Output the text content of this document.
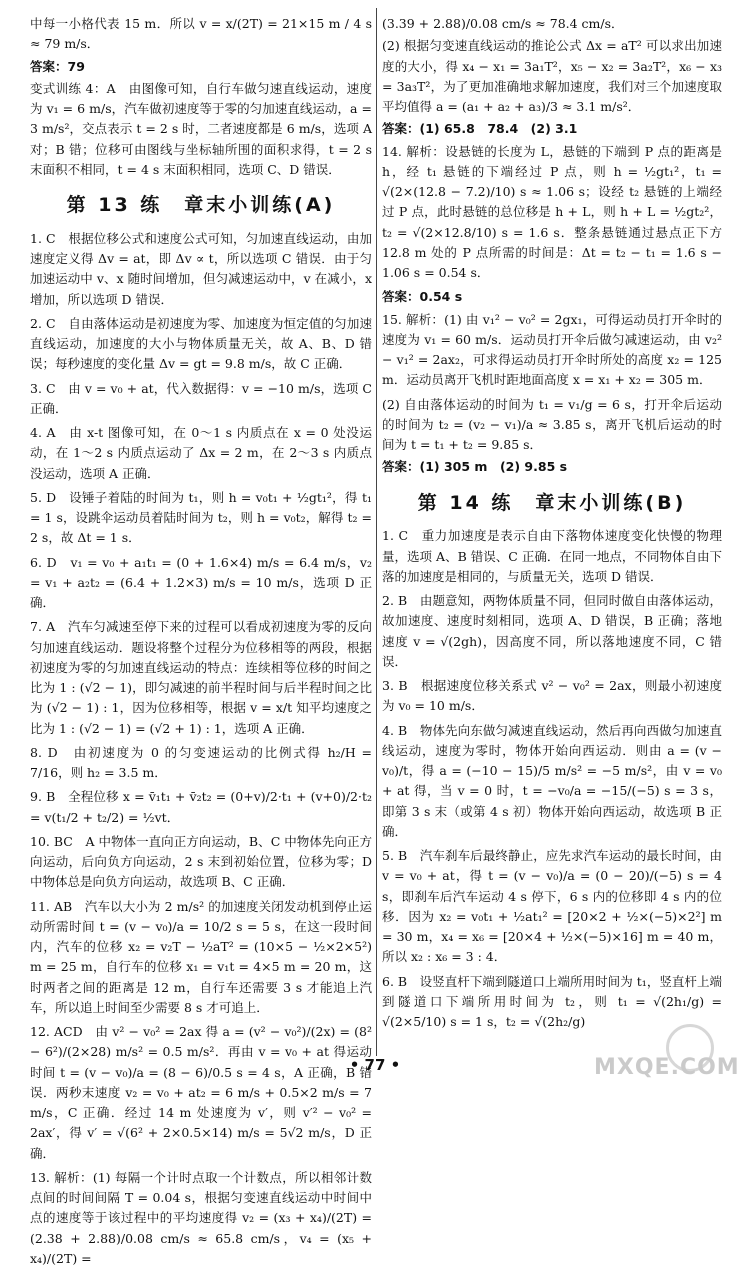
中每一小格代表 15 m．所以 v = x/(2T) = 21×15 m / 4 s ≈ 79 m/s．

答案：79

变式训练 4：A　由图像可知，自行车做匀速直线运动，速度为 v₁ = 6 m/s，汽车做初速度等于零的匀加速直线运动，a = 3 m/s²，交点表示 t = 2 s 时，二者速度都是 6 m/s，选项 A 对；B 错；位移可由图线与坐标轴所围的面积求得，t = 2 s 末面积不相同，t = 4 s 末面积相同，选项 C、D 错误．

第 13 练　章末小训练(A)

1. C　根据位移公式和速度公式可知，匀加速直线运动，由加速度定义得 Δv = at，即 Δv ∝ t，所以选项 C 错误．由于匀加速运动中 v、x 随时间增加，但匀减速运动中，v 在减小，x 增加，所以选项 D 错误．

2. C　自由落体运动是初速度为零、加速度为恒定值的匀加速直线运动，加速度的大小与物体质量无关，故 A、B、D 错误；每秒速度的变化量 Δv = gt = 9.8 m/s，故 C 正确．

3. C　由 v = v₀ + at，代入数据得：v = −10 m/s，选项 C 正确．

4. A　由 x-t 图像可知，在 0～1 s 内质点在 x = 0 处没运动，在 1～2 s 内质点运动了 Δx = 2 m，在 2～3 s 内质点没运动，选项 A 正确．

5. D　设锤子着陆的时间为 t₁，则 h = v₀t₁ + ½gt₁²，得 t₁ = 1 s，设跳伞运动员着陆时间为 t₂，则 h = v₀t₂，解得 t₂ = 2 s，故 Δt = 1 s．

6. D　v₁ = v₀ + a₁t₁ = (0 + 1.6×4) m/s = 6.4 m/s，v₂ = v₁ + a₂t₂ = (6.4 + 1.2×3) m/s = 10 m/s，选项 D 正确．

7. A　汽车匀减速至停下来的过程可以看成初速度为零的反向匀加速直线运动．题设将整个过程分为位移相等的两段，根据初速度为零的匀加速直线运动的特点：连续相等位移的时间之比为 1 : (√2 − 1)，即匀减速的前半程时间与后半程时间之比为 (√2 − 1) : 1，因为位移相等，根据 v = x/t 知平均速度之比为 1 : (√2 − 1) = (√2 + 1) : 1，选项 A 正确．

8. D　由初速度为 0 的匀变速运动的比例式得 h₂/H = 7/16，则 h₂ = 3.5 m．

9. B　全程位移 x = v̄₁t₁ + v̄₂t₂ = (0+v)/2·t₁ + (v+0)/2·t₂ = v(t₁/2 + t₂/2) = ½vt．

10. BC　A 中物体一直向正方向运动，B、C 中物体先向正方向运动，后向负方向运动，2 s 末到初始位置，位移为零；D 中物体总是向负方向运动，故选项 B、C 正确．

11. AB　汽车以大小为 2 m/s² 的加速度关闭发动机到停止运动所需时间 t = (v − v₀)/a = 10/2 s = 5 s，在这一段时间内，汽车的位移 x₂ = v₂T − ½aT² = (10×5 − ½×2×5²) m = 25 m，自行车的位移 x₁ = v₁t = 4×5 m = 20 m，这时两者之间的距离是 12 m，自行车还需要 3 s 才能追上汽车，所以追上时间至少需要 8 s 才可追上．

12. ACD　由 v² − v₀² = 2ax 得 a = (v² − v₀²)/(2x) = (8² − 6²)/(2×28) m/s² = 0.5 m/s²．再由 v = v₀ + at 得运动时间 t = (v − v₀)/a = (8 − 6)/0.5 s = 4 s，A 正确，B 错误．两秒末速度 v₂ = v₀ + at₂ = 6 m/s + 0.5×2 m/s = 7 m/s，C 正确．经过 14 m 处速度为 v′，则 v′² − v₀² = 2ax′，得 v′ = √(6² + 2×0.5×14) m/s = 5√2 m/s，D 正确．

13. 解析：(1) 每隔一个计时点取一个计数点，所以相邻计数点间的时间间隔 T = 0.04 s，根据匀变速直线运动中时间中点的速度等于该过程中的平均速度得 v₂ = (x₃ + x₄)/(2T) = (2.38 + 2.88)/0.08 cm/s ≈ 65.8 cm/s，v₄ = (x₅ + x₄)/(2T) =

(3.39 + 2.88)/0.08 cm/s ≈ 78.4 cm/s．

(2) 根据匀变速直线运动的推论公式 Δx = aT² 可以求出加速度的大小，得 x₄ − x₁ = 3a₁T²，x₅ − x₂ = 3a₂T²，x₆ − x₃ = 3a₃T²，为了更加准确地求解加速度，我们对三个加速度取平均值得 a = (a₁ + a₂ + a₃)/3 ≈ 3.1 m/s²．

答案：(1) 65.8　78.4　(2) 3.1

14. 解析：设悬链的长度为 L，悬链的下端到 P 点的距离是 h，经 t₁ 悬链的下端经过 P 点，则 h = ½gt₁²，t₁ = √(2×(12.8 − 7.2)/10) s ≈ 1.06 s；设经 t₂ 悬链的上端经过 P 点，此时悬链的总位移是 h + L，则 h + L = ½gt₂²，t₂ = √(2×12.8/10) s = 1.6 s．整条悬链通过悬点正下方 12.8 m 处的 P 点所需的时间是：Δt = t₂ − t₁ = 1.6 s − 1.06 s = 0.54 s．

答案：0.54 s

15. 解析：(1) 由 v₁² − v₀² = 2gx₁，可得运动员打开伞时的速度为 v₁ = 60 m/s．运动员打开伞后做匀减速运动，由 v₂² − v₁² = 2ax₂，可求得运动员打开伞时所处的高度 x₂ = 125 m．运动员离开飞机时距地面高度 x = x₁ + x₂ = 305 m．

(2) 自由落体运动的时间为 t₁ = v₁/g = 6 s，打开伞后运动的时间为 t₂ = (v₂ − v₁)/a ≈ 3.85 s，离开飞机后运动的时间为 t = t₁ + t₂ = 9.85 s．

答案：(1) 305 m　(2) 9.85 s

第 14 练　章末小训练(B)

1. C　重力加速度是表示自由下落物体速度变化快慢的物理量，选项 A、B 错误、C 正确．在同一地点，不同物体自由下落的加速度是相同的，与质量无关，选项 D 错误．

2. B　由题意知，两物体质量不同，但同时做自由落体运动，故加速度、速度时刻相同，选项 A、D 错误，B 正确；落地速度 v = √(2gh)，因高度不同，所以落地速度不同，C 错误．

3. B　根据速度位移关系式 v² − v₀² = 2ax，则最小初速度为 v₀ = 10 m/s．

4. B　物体先向东做匀减速直线运动，然后再向西做匀加速直线运动，速度为零时，物体开始向西运动．则由 a = (v − v₀)/t，得 a = (−10 − 15)/5 m/s² = −5 m/s²，由 v = v₀ + at 得，当 v = 0 时，t = −v₀/a = −15/(−5) s = 3 s，即第 3 s 末（或第 4 s 初）物体开始向西运动，故选项 B 正确．

5. B　汽车刹车后最终静止，应先求汽车运动的最长时间，由 v = v₀ + at，得 t = (v − v₀)/a = (0 − 20)/(−5) s = 4 s，即刹车后汽车运动 4 s 停下，6 s 内的位移即 4 s 内的位移．因为 x₂ = v₀t₁ + ½at₁² = [20×2 + ½×(−5)×2²] m = 30 m，x₄ = x₆ = [20×4 + ½×(−5)×16] m = 40 m，所以 x₂ : x₆ = 3 : 4．

6. B　设竖直杆下端到隧道口上端所用时间为 t₁，竖直杆上端到隧道口下端所用时间为 t₂，则 t₁ = √(2h₁/g) = √(2×5/10) s = 1 s，t₂ = √(2h₂/g)

• 77 •	MXQE.COM
